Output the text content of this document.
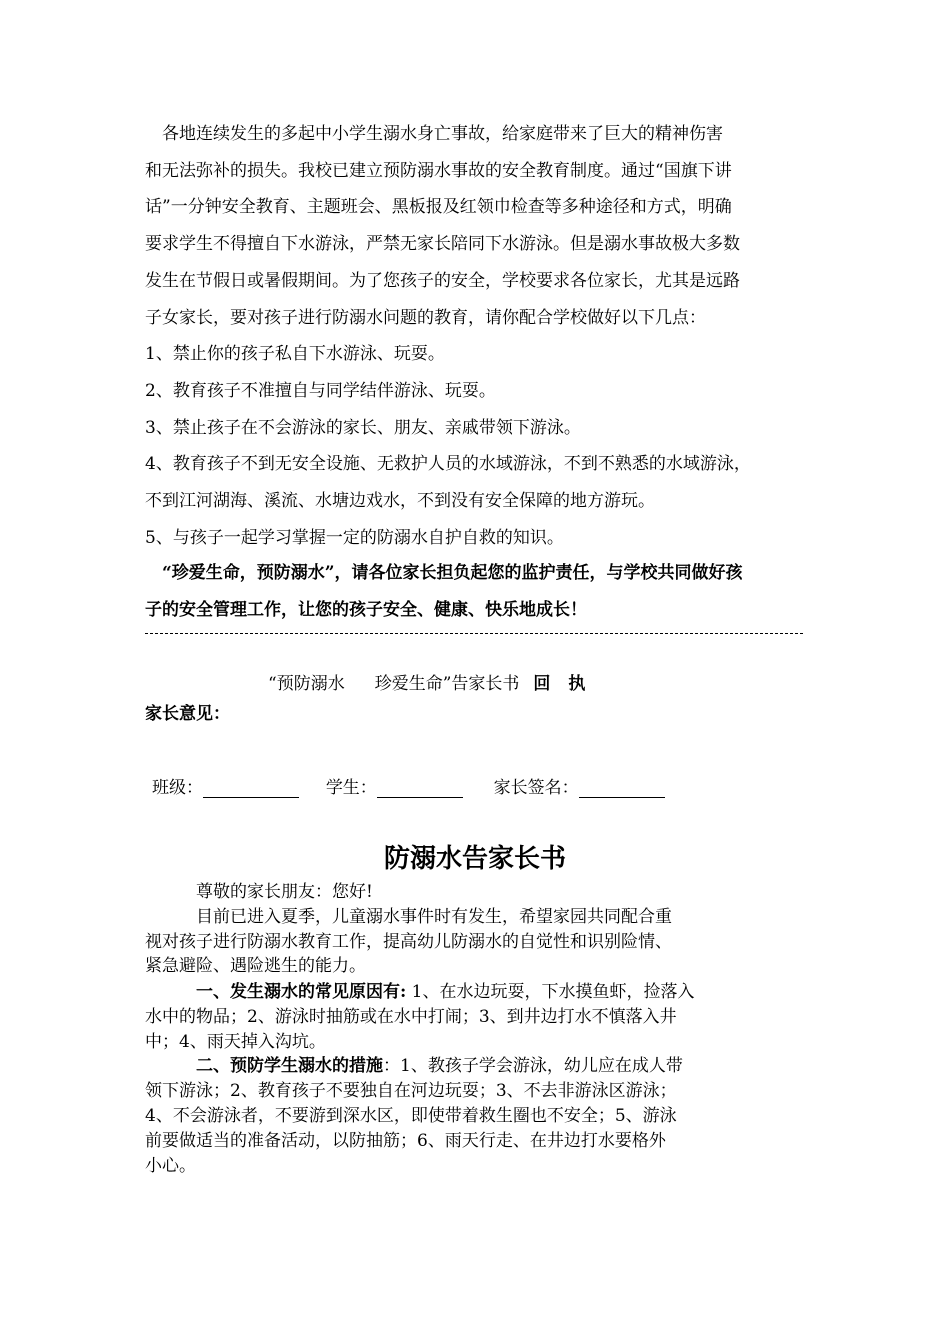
　各地连续发生的多起中小学生溺水身亡事故，给家庭带来了巨大的精神伤害
和无法弥补的损失。我校已建立预防溺水事故的安全教育制度。通过“国旗下讲
话”一分钟安全教育、主题班会、黑板报及红领巾检查等多种途径和方式，明确
要求学生不得擅自下水游泳，严禁无家长陪同下水游泳。但是溺水事故极大多数
发生在节假日或暑假期间。为了您孩子的安全，学校要求各位家长，尤其是远路
子女家长，要对孩子进行防溺水问题的教育，请你配合学校做好以下几点：
1、禁止你的孩子私自下水游泳、玩耍。
2、教育孩子不准擅自与同学结伴游泳、玩耍。
3、禁止孩子在不会游泳的家长、朋友、亲戚带领下游泳。
4、教育孩子不到无安全设施、无救护人员的水域游泳，不到不熟悉的水域游泳，
不到江河湖海、溪流、水塘边戏水，不到没有安全保障的地方游玩。
5、与孩子一起学习掌握一定的防溺水自护自救的知识。
　“珍爱生命，预防溺水”，请各位家长担负起您的监护责任，与学校共同做好孩
子的安全管理工作，让您的孩子安全、健康、快乐地成长！
“预防溺水 珍爱生命”告家长书 回 执
家长意见：
班级：	学生：	家长签名：
防溺水告家长书
　　　尊敬的家长朋友：您好!
　　　目前已进入夏季，儿童溺水事件时有发生，希望家园共同配合重
视对孩子进行防溺水教育工作，提高幼儿防溺水的自觉性和识别险情、
紧急避险、遇险逃生的能力。
　　　一、发生溺水的常见原因有: 1、在水边玩耍，下水摸鱼虾，捡落入
水中的物品；2、游泳时抽筋或在水中打闹；3、到井边打水不慎落入井
中；4、雨天掉入沟坑。
　　　二、预防学生溺水的措施：1、教孩子学会游泳，幼儿应在成人带
领下游泳；2、教育孩子不要独自在河边玩耍；3、不去非游泳区游泳；
4、不会游泳者，不要游到深水区，即使带着救生圈也不安全；5、游泳
前要做适当的准备活动，以防抽筋；6、雨天行走、在井边打水要格外
小心。
